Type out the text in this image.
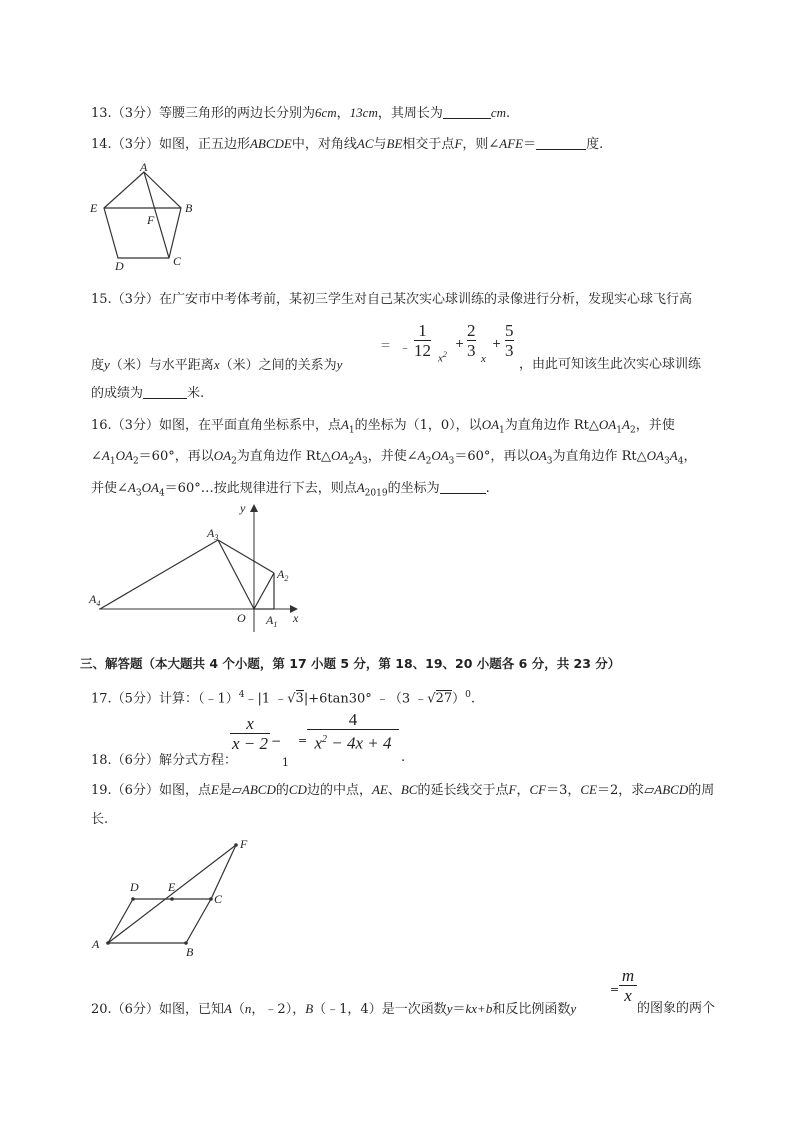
13.（3分）等腰三角形的两边长分别为6cm，13cm，其周长为	cm.
14.（3分）如图，正五边形ABCDE中，对角线AC与BE相交于点F，则∠AFE＝	度.
A
B
C
D
E
F
15.（3分）在广安市中考体考前，某初三学生对自己某次实心球训练的录像进行分析，发现实心球飞行高
度y（米）与水平距离x（米）之间的关系为y
＝ ﹣ $\frac{1}{12} x^2$
+ $\frac{2}{3}$ x
+ $\frac{5}{3}$
，由此可知该生此次实心球训练
的成绩为	米.
16.（3分）如图，在平面直角坐标系中，点$A_1$的坐标为（1，0），以$OA_1$为直角边作 $Rt\triangle OA_1A_2$，并使
$\angle A_1OA_2=60^\circ$，再以$OA_2$为直角边作 $Rt\triangle OA_2A_3$，并使$\angle A_2OA_3=60^\circ$，再以$OA_3$为直角边作 $Rt\triangle OA_3A_4$，
并使$\angle A_3OA_4=60^\circ\dots$按此规律进行下去，则点$A_{2019}$的坐标为	.
y
x
O $A_1$
$A_2$
$A_3$
$A_4$
三、解答题（本大题共 4 个小题，第 17 小题 5 分，第 18、19、20 小题各 6 分，共 23 分）
17.（5分）计算：（﹣1）$^4$﹣|1 ﹣√3|+6tan30° ﹣（3 ﹣√27）$^0$.
18.（6分）解分式方程：
$\frac{x}{x - 2}$ −
1
= $\frac{4}{x^2 - 4x + 4}$
.
19.（6分）如图，点E是▱ABCD的CD边的中点，AE、BC的延长线交于点F，CF＝3，CE＝2，求▱ABCD的周
长.
A
B
C
D E
F
20.（6分）如图，已知A（n，﹣2），B（﹣1，4）是一次函数y＝kx+b和反比例函数y
= $\frac{m}{x}$
的图象的两个
